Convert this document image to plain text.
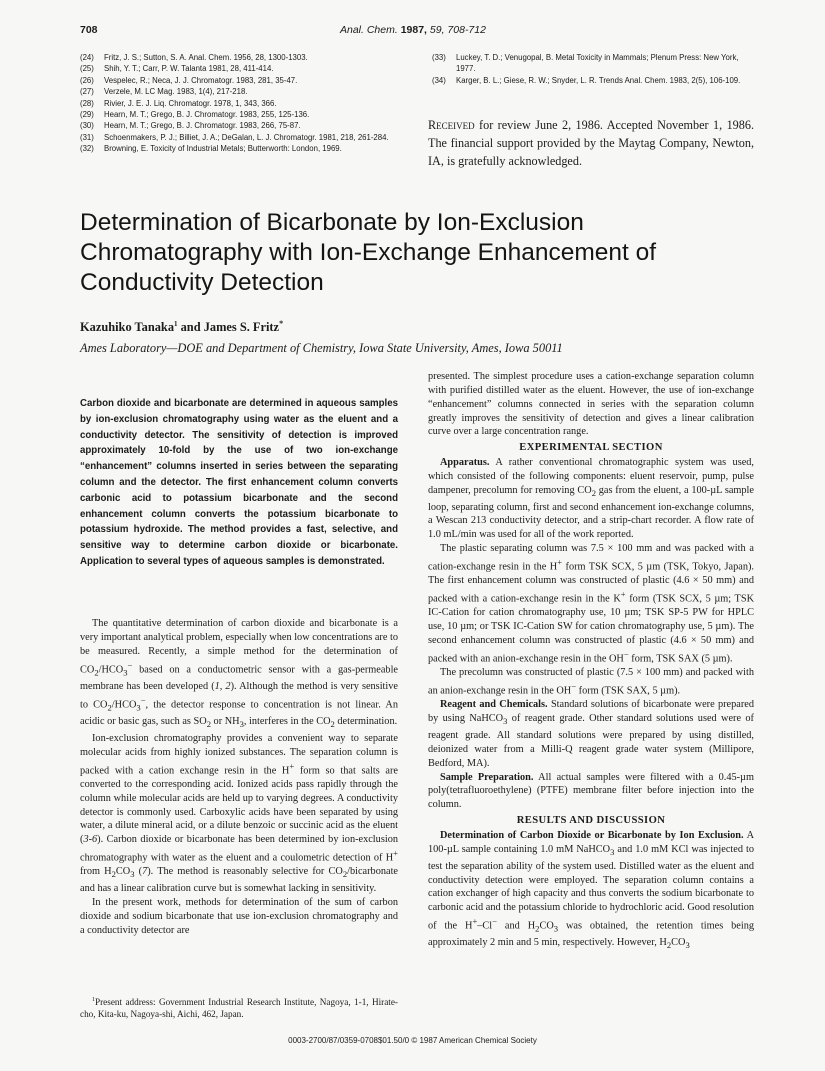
708	Anal. Chem. 1987, 59, 708-712
(24) Fritz, J. S.; Sutton, S. A. Anal. Chem. 1956, 28, 1300-1303.
(25) Shih, Y. T.; Carr, P. W. Talanta 1981, 28, 411-414.
(26) Vespelec, R.; Neca, J. J. Chromatogr. 1983, 281, 35-47.
(27) Verzele, M. LC Mag. 1983, 1(4), 217-218.
(28) Rivier, J. E. J. Liq. Chromatogr. 1978, 1, 343, 366.
(29) Hearn, M. T.; Grego, B. J. Chromatogr. 1983, 255, 125-136.
(30) Hearn, M. T.; Grego, B. J. Chromatogr. 1983, 266, 75-87.
(31) Schoenmakers, P. J.; Billiet, J. A.; DeGalan, L. J. Chromatogr. 1981, 218, 261-284.
(32) Browning, E. Toxicity of Industrial Metals; Butterworth: London, 1969.
(33) Luckey, T. D.; Venugopal, B. Metal Toxicity in Mammals; Plenum Press: New York, 1977.
(34) Karger, B. L.; Giese, R. W.; Snyder, L. R. Trends Anal. Chem. 1983, 2(5), 106-109.
Received for review June 2, 1986. Accepted November 1, 1986. The financial support provided by the Maytag Company, Newton, IA, is gratefully acknowledged.
Determination of Bicarbonate by Ion-Exclusion Chromatography with Ion-Exchange Enhancement of Conductivity Detection
Kazuhiko Tanaka$^1$ and James S. Fritz*
Ames Laboratory—DOE and Department of Chemistry, Iowa State University, Ames, Iowa 50011
Carbon dioxide and bicarbonate are determined in aqueous samples by ion-exclusion chromatography using water as the eluent and a conductivity detector. The sensitivity of detection is improved approximately 10-fold by the use of two ion-exchange “enhancement” columns inserted in series between the separating column and the detector. The first enhancement column converts carbonic acid to potassium bicarbonate and the second enhancement column converts the potassium bicarbonate to potassium hydroxide. The method provides a fast, selective, and sensitive way to determine carbon dioxide or bicarbonate. Application to several types of aqueous samples is demonstrated.

The quantitative determination of carbon dioxide and bicarbonate is a very important analytical problem, especially when low concentrations are to be measured. Recently, a simple method for the determination of $CO_2/HCO_3^-$ based on a conductometric sensor with a gas-permeable membrane has been developed (1, 2). Although the method is very sensitive to $CO_2/HCO_3^-$, the detector response to concentration is not linear. An acidic or basic gas, such as $SO_2$ or $NH_3$, interferes in the $CO_2$ determination.

Ion-exclusion chromatography provides a convenient way to separate molecular acids from highly ionized substances. The separation column is packed with a cation exchange resin in the H+ form so that salts are converted to the corresponding acid. Ionized acids pass rapidly through the column while molecular acids are held up to varying degrees. A conductivity detector is commonly used. Carboxylic acids have been separated by using water, a dilute mineral acid, or a dilute benzoic or succinic acid as the eluent (3-6). Carbon dioxide or bicarbonate has been determined by ion-exclusion chromatography with water as the eluent and a coulometric detection of H+ from $H_2CO_3$ (7). The method is reasonably selective for $CO_2$/bicarbonate and has a linear calibration curve but is somewhat lacking in sensitivity.

In the present work, methods for determination of the sum of carbon dioxide and sodium bicarbonate that use ion-exclusion chromatography and a conductivity detector are

presented. The simplest procedure uses a cation-exchange separation column with purified distilled water as the eluent. However, the use of ion-exchange “enhancement” columns connected in series with the separation column greatly improves the sensitivity of detection and gives a linear calibration curve over a large concentration range.

EXPERIMENTAL SECTION

Apparatus. A rather conventional chromatographic system was used, which consisted of the following components: eluent reservoir, pump, pulse dampener, precolumn for removing $CO_2$ gas from the eluent, a 100-µL sample loop, separating column, first and second enhancement ion-exchange columns, a Wescan 213 conductivity detector, and a strip-chart recorder. A flow rate of 1.0 mL/min was used for all of the work reported.

The plastic separating column was 7.5 × 100 mm and was packed with a cation-exchange resin in the H+ form TSK SCX, 5 µm (TSK, Tokyo, Japan). The first enhancement column was constructed of plastic (4.6 × 50 mm) and packed with a cation-exchange resin in the K+ form (TSK SCX, 5 µm; TSK IC-Cation for cation chromatography use, 10 µm; TSK SP-5 PW for HPLC use, 10 µm; or TSK IC-Cation SW for cation chromatography use, 5 µm). The second enhancement column was constructed of plastic (4.6 × 50 mm) and packed with an anion-exchange resin in the OH− form, TSK SAX (5 µm).

The precolumn was constructed of plastic (7.5 × 100 mm) and packed with an anion-exchange resin in the OH− form (TSK SAX, 5 µm).

Reagent and Chemicals. Standard solutions of bicarbonate were prepared by using NaHCO$_3$ of reagent grade. Other standard solutions used were of reagent grade. All standard solutions were prepared by using distilled, deionized water from a Milli-Q reagent grade water system (Millipore, Bedford, MA).

Sample Preparation. All actual samples were filtered with a 0.45-µm poly(tetrafluoroethylene) (PTFE) membrane filter before injection into the column.

RESULTS AND DISCUSSION

Determination of Carbon Dioxide or Bicarbonate by Ion Exclusion. A 100-µL sample containing 1.0 mM NaHCO$_3$ and 1.0 mM KCl was injected to test the separation ability of the system used. Distilled water as the eluent and conductivity detection were employed. The separation column contains a cation exchanger of high capacity and thus converts the sodium bicarbonate to carbonic acid and the potassium chloride to hydrochloric acid. Good resolution of the H+–Cl− and $H_2CO_3$ was obtained, the retention times being approximately 2 min and 5 min, respectively. However, $H_2CO_3$

$^1$Present address: Government Industrial Research Institute, Nagoya, 1-1, Hirate-cho, Kita-ku, Nagoya-shi, Aichi, 462, Japan.

0003-2700/87/0359-0708$01.50/0 © 1987 American Chemical Society
